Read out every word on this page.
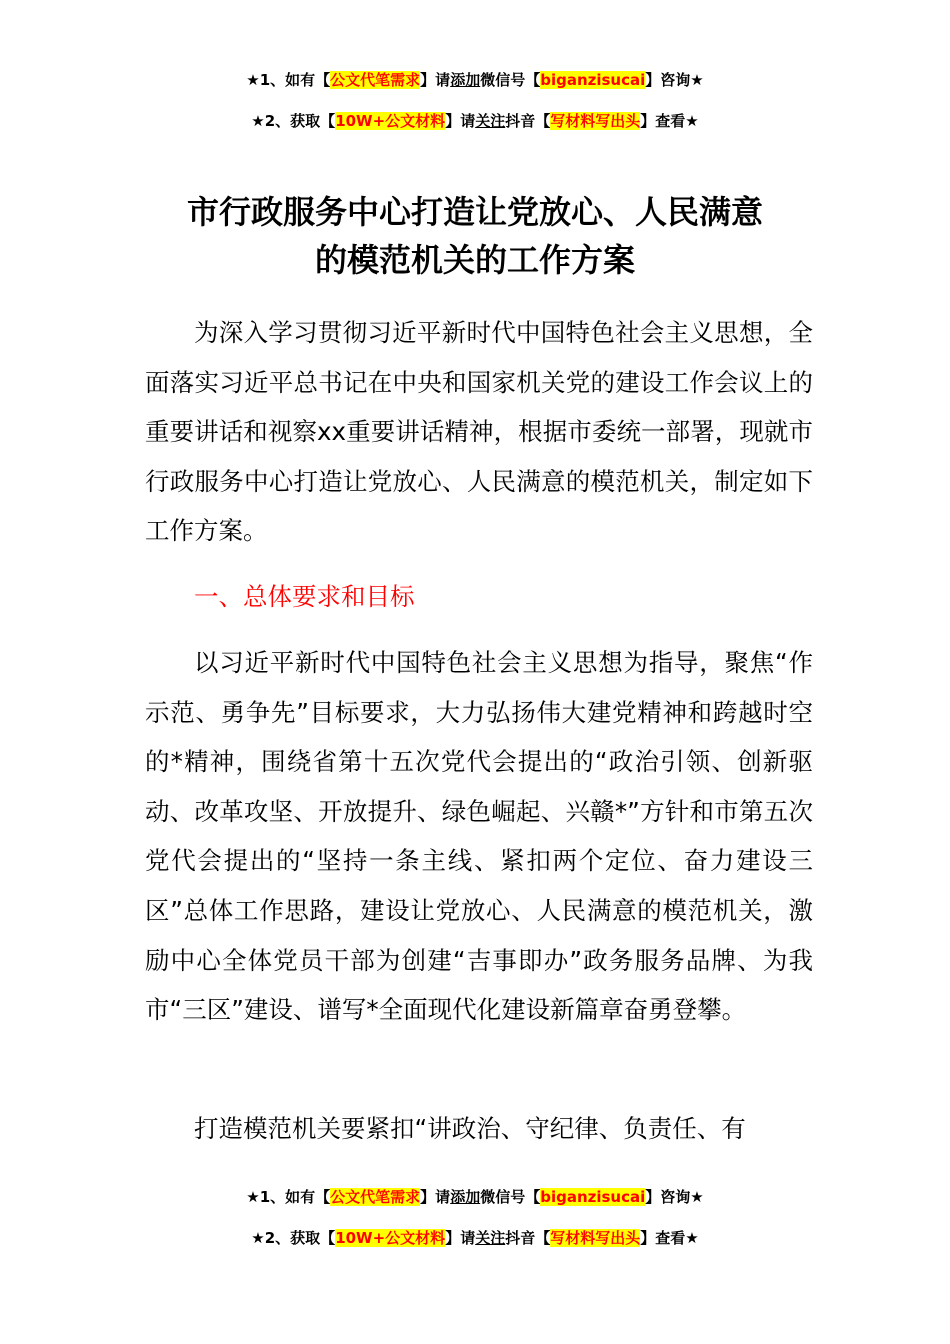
★1、如有【公文代笔需求】请添加微信号【biganzisucai】咨询★
★2、获取【10W+公文材料】请关注抖音【写材料写出头】查看★
市行政服务中心打造让党放心、人民满意
的模范机关的工作方案

为深入学习贯彻习近平新时代中国特色社会主义思想，全面落实习近平总书记在中央和国家机关党的建设工作会议上的重要讲话和视察xx重要讲话精神，根据市委统一部署，现就市行政服务中心打造让党放心、人民满意的模范机关，制定如下工作方案。

一、总体要求和目标

以习近平新时代中国特色社会主义思想为指导，聚焦“作示范、勇争先”目标要求，大力弘扬伟大建党精神和跨越时空的*精神，围绕省第十五次党代会提出的“政治引领、创新驱动、改革攻坚、开放提升、绿色崛起、兴赣*”方针和市第五次党代会提出的“坚持一条主线、紧扣两个定位、奋力建设三区”总体工作思路，建设让党放心、人民满意的模范机关，激励中心全体党员干部为创建“吉事即办”政务服务品牌、为我市“三区”建设、谱写*全面现代化建设新篇章奋勇登攀。

打造模范机关要紧扣“讲政治、守纪律、负责任、有

★1、如有【公文代笔需求】请添加微信号【biganzisucai】咨询★
★2、获取【10W+公文材料】请关注抖音【写材料写出头】查看★
